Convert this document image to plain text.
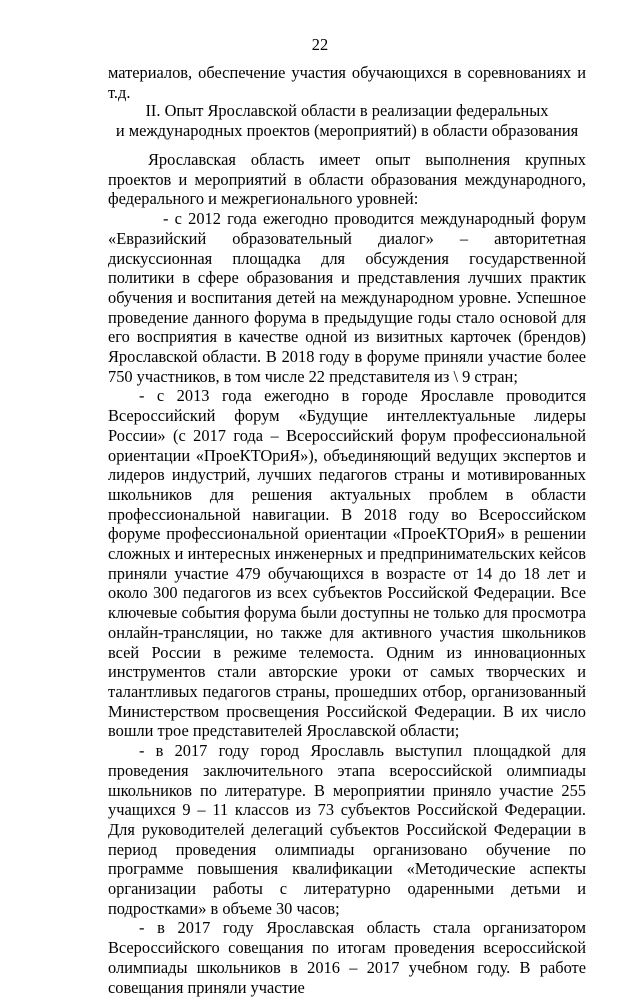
22

материалов, обеспечение участия обучающихся в соревнованиях и т.д.

II. Опыт Ярославской области в реализации федеральных
и международных проектов (мероприятий) в области образования

Ярославская область имеет опыт выполнения крупных проектов и мероприятий в области образования международного, федерального и межрегионального уровней:

- с 2012 года ежегодно проводится международный форум «Евразийский образовательный диалог» – авторитетная дискуссионная площадка для обсуждения государственной политики в сфере образования и представления лучших практик обучения и воспитания детей на международном уровне. Успешное проведение данного форума в предыдущие годы стало основой для его восприятия в качестве одной из визитных карточек (брендов) Ярославской области. В 2018 году в форуме приняли участие более 750 участников, в том числе 22 представителя из \ 9 стран;

- с 2013 года ежегодно в городе Ярославле проводится Всероссийский форум «Будущие интеллектуальные лидеры России» (с 2017 года – Всероссийский форум профессиональной ориентации «ПроеКТОриЯ»), объединяющий ведущих экспертов и лидеров индустрий, лучших педагогов страны и мотивированных школьников для решения актуальных проблем в области профессиональной навигации. В 2018 году во Всероссийском форуме профессиональной ориентации «ПроеКТОриЯ» в решении сложных и интересных инженерных и предпринимательских кейсов приняли участие 479 обучающихся в возрасте от 14 до 18 лет и около 300 педагогов из всех субъектов Российской Федерации. Все ключевые события форума были доступны не только для просмотра онлайн-трансляции, но также для активного участия школьников всей России в режиме телемоста. Одним из инновационных инструментов стали авторские уроки от самых творческих и талантливых педагогов страны, прошедших отбор, организованный Министерством просвещения Российской Федерации. В их число вошли трое представителей Ярославской области;

- в 2017 году город Ярославль выступил площадкой для проведения заключительного этапа всероссийской олимпиады школьников по литературе. В мероприятии приняло участие 255 учащихся 9 – 11 классов из 73 субъектов Российской Федерации. Для руководителей делегаций субъектов Российской Федерации в период проведения олимпиады организовано обучение по программе повышения квалификации «Методические аспекты организации работы с литературно одаренными детьми и подростками» в объеме 30 часов;

- в 2017 году Ярославская область стала организатором Всероссийского совещания по итогам проведения всероссийской олимпиады школьников в 2016 – 2017 учебном году. В работе совещания приняли участие
